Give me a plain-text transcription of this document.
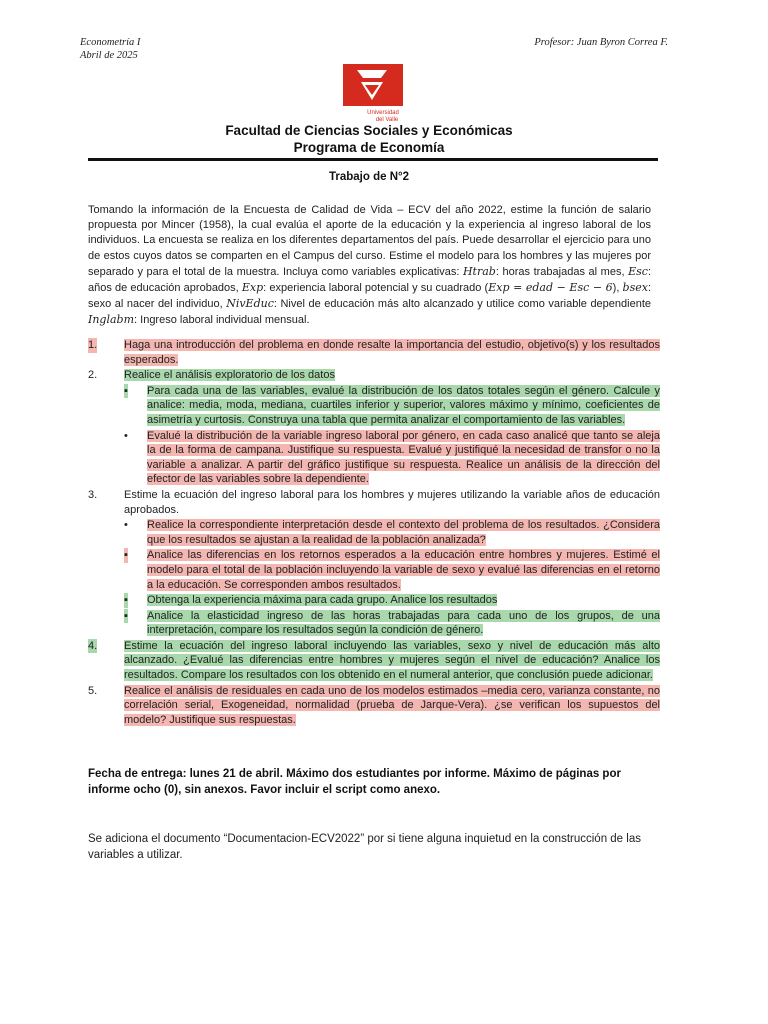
Econometría I
Abril de 2025
Profesor: Juan Byron Correa F.
Universidad
del Valle
Facultad de Ciencias Sociales y Económicas
Programa de Economía
Trabajo de N°2
Tomando la información de la Encuesta de Calidad de Vida – ECV del año 2022, estime la función de salario propuesta por Mincer (1958), la cual evalúa el aporte de la educación y la experiencia al ingreso laboral de los individuos. La encuesta se realiza en los diferentes departamentos del país. Puede desarrollar el ejercicio para uno de estos cuyos datos se comparten en el Campus del curso. Estime el modelo para los hombres y las mujeres por separado y para el total de la muestra. Incluya como variables explicativas: Htrab: horas trabajadas al mes, Esc: años de educación aprobados, Exp: experiencia laboral potencial y su cuadrado (Exp = edad − Esc − 6), bsex: sexo al nacer del individuo, NivEduc: Nivel de educación más alto alcanzado y utilice como variable dependiente Inglabm: Ingreso laboral individual mensual.
1. Haga una introducción del problema en donde resalte la importancia del estudio, objetivo(s) y los resultados esperados.
2. Realice el análisis exploratorio de los datos
▪ Para cada una de las variables, evalué la distribución de los datos totales según el género. Calcule y analice: media, moda, mediana, cuartiles inferior y superior, valores máximo y mínimo, coeficientes de asimetría y curtosis. Construya una tabla que permita analizar el comportamiento de las variables.
• Evalué la distribución de la variable ingreso laboral por género, en cada caso analicé que tanto se aleja la de la forma de campana. Justifique su respuesta. Evalué y justifiqué la necesidad de transfor o no la variable a analizar. A partir del gráfico justifique su respuesta. Realice un análisis de la dirección del efector de las variables sobre la dependiente.
3. Estime la ecuación del ingreso laboral para los hombres y mujeres utilizando la variable años de educación aprobados.
• Realice la correspondiente interpretación desde el contexto del problema de los resultados. ¿Considera que los resultados se ajustan a la realidad de la población analizada?
▪ Analice las diferencias en los retornos esperados a la educación entre hombres y mujeres. Estimé el modelo para el total de la población incluyendo la variable de sexo y evalué las diferencias en el retorno a la educación. Se corresponden ambos resultados.
▪ Obtenga la experiencia máxima para cada grupo. Analice los resultados
▪ Analice la elasticidad ingreso de las horas trabajadas para cada uno de los grupos, de una interpretación, compare los resultados según la condición de género.
4. Estime la ecuación del ingreso laboral incluyendo las variables, sexo y nivel de educación más alto alcanzado. ¿Evalué las diferencias entre hombres y mujeres según el nivel de educación? Analice los resultados. Compare los resultados con los obtenido en el numeral anterior, que conclusión puede adicionar.
5. Realice el análisis de residuales en cada uno de los modelos estimados –media cero, varianza constante, no correlación serial, Exogeneidad, normalidad (prueba de Jarque-Vera). ¿se verifican los supuestos del modelo? Justifique sus respuestas.
Fecha de entrega: lunes 21 de abril. Máximo dos estudiantes por informe. Máximo de páginas por informe ocho (0), sin anexos. Favor incluir el script como anexo.
Se adiciona el documento “Documentacion-ECV2022” por si tiene alguna inquietud en la construcción de las variables a utilizar.
